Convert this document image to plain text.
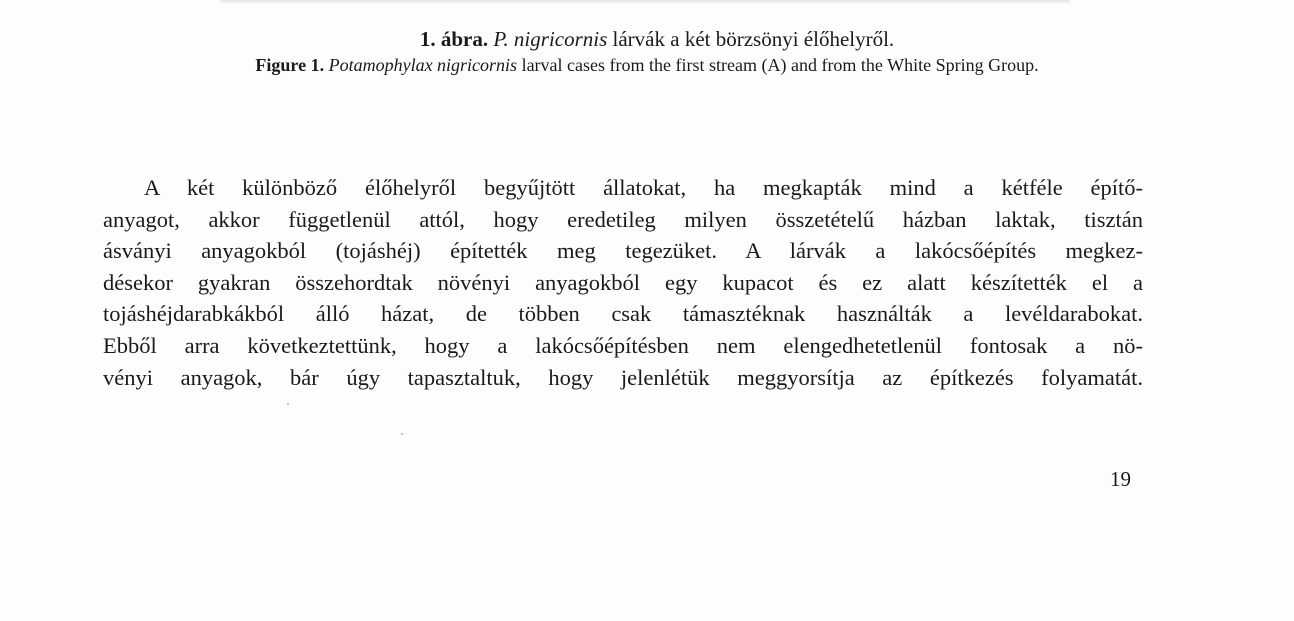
1. ábra. P. nigricornis lárvák a két börzsönyi élőhelyről.
Figure 1. Potamophylax nigricornis larval cases from the first stream (A) and from the White Spring Group.
A két különböző élőhelyről begyűjtött állatokat, ha megkapták mind a kétféle építő-
anyagot, akkor függetlenül attól, hogy eredetileg milyen összetételű házban laktak, tisztán
ásványi anyagokból (tojáshéj) építették meg tegezüket. A lárvák a lakócsőépítés megkez-
désekor gyakran összehordtak növényi anyagokból egy kupacot és ez alatt készítették el a
tojáshéjdarabkákból álló házat, de többen csak támasztéknak használták a levéldarabokat.
Ebből arra következtettünk, hogy a lakócsőépítésben nem elengedhetetlenül fontosak a nö-
vényi anyagok, bár úgy tapasztaltuk, hogy jelenlétük meggyorsítja az építkezés folyamatát.
19
